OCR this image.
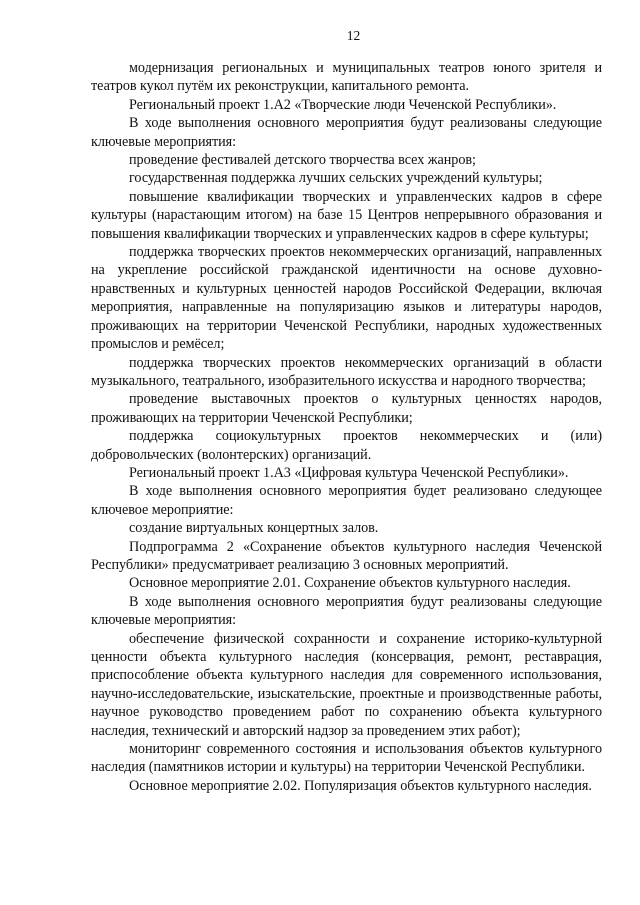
12

модернизация региональных и муниципальных театров юного зрителя и театров кукол путём их реконструкции, капитального ремонта.

Региональный проект 1.А2 «Творческие люди Чеченской Республики».

В ходе выполнения основного мероприятия будут реализованы следующие ключевые мероприятия:

проведение фестивалей детского творчества всех жанров;

государственная поддержка лучших сельских учреждений культуры;

повышение квалификации творческих и управленческих кадров в сфере культуры (нарастающим итогом) на базе 15 Центров непрерывного образования и повышения квалификации творческих и управленческих кадров в сфере культуры;

поддержка творческих проектов некоммерческих организаций, направленных на укрепление российской гражданской идентичности на основе духовно-нравственных и культурных ценностей народов Российской Федерации, включая мероприятия, направленные на популяризацию языков и литературы народов, проживающих на территории Чеченской Республики, народных художественных промыслов и ремёсел;

поддержка творческих проектов некоммерческих организаций в области музыкального, театрального, изобразительного искусства и народного творчества;

проведение выставочных проектов о культурных ценностях народов, проживающих на территории Чеченской Республики;

поддержка социокультурных проектов некоммерческих и (или) добровольческих (волонтерских) организаций.

Региональный проект 1.А3 «Цифровая культура Чеченской Республики».

В ходе выполнения основного мероприятия будет реализовано следующее ключевое мероприятие:

создание виртуальных концертных залов.

Подпрограмма 2 «Сохранение объектов культурного наследия Чеченской Республики» предусматривает реализацию 3 основных мероприятий.

Основное мероприятие 2.01. Сохранение объектов культурного наследия.

В ходе выполнения основного мероприятия будут реализованы следующие ключевые мероприятия:

обеспечение физической сохранности и сохранение историко-культурной ценности объекта культурного наследия (консервация, ремонт, реставрация, приспособление объекта культурного наследия для современного использования, научно-исследовательские, изыскательские, проектные и производственные работы, научное руководство проведением работ по сохранению объекта культурного наследия, технический и авторский надзор за проведением этих работ);

мониторинг современного состояния и использования объектов культурного наследия (памятников истории и культуры) на территории Чеченской Республики.

Основное мероприятие 2.02. Популяризация объектов культурного наследия.
